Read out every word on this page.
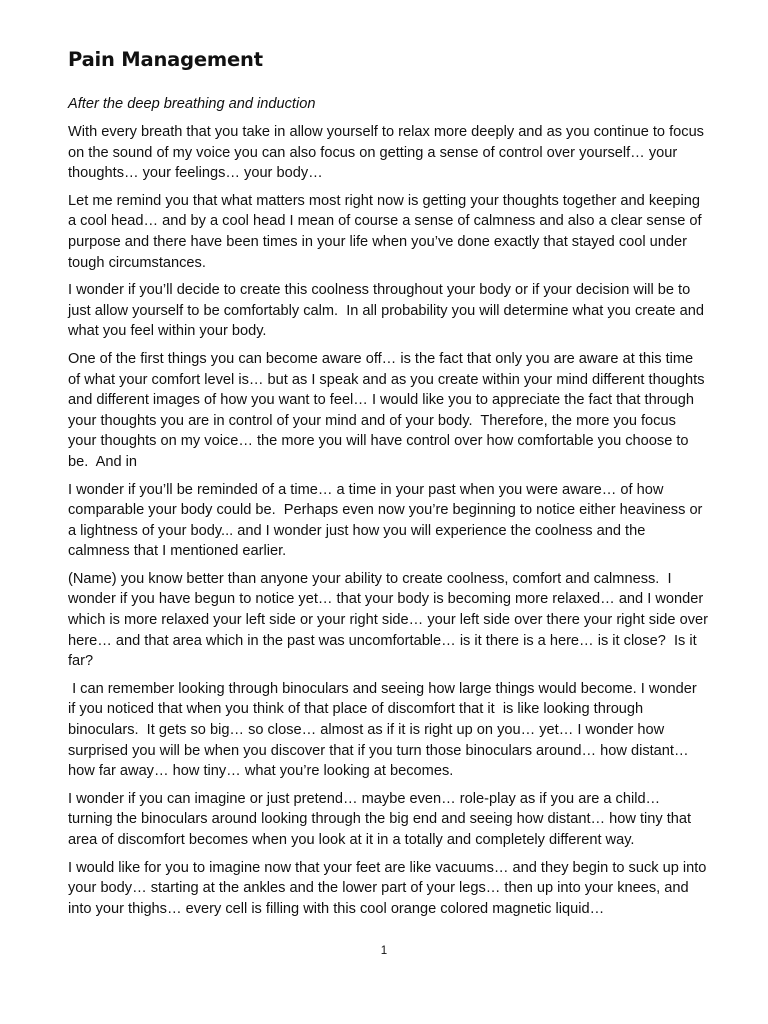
Pain Management
After the deep breathing and induction

With every breath that you take in allow yourself to relax more deeply and as you continue to focus on the sound of my voice you can also focus on getting a sense of control over yourself… your thoughts… your feelings… your body…

Let me remind you that what matters most right now is getting your thoughts together and keeping a cool head… and by a cool head I mean of course a sense of calmness and also a clear sense of purpose and there have been times in your life when you’ve done exactly that stayed cool under tough circumstances.

I wonder if you’ll decide to create this coolness throughout your body or if your decision will be to just allow yourself to be comfortably calm.  In all probability you will determine what you create and what you feel within your body.

One of the first things you can become aware off… is the fact that only you are aware at this time of what your comfort level is… but as I speak and as you create within your mind different thoughts and different images of how you want to feel… I would like you to appreciate the fact that through your thoughts you are in control of your mind and of your body.  Therefore, the more you focus your thoughts on my voice… the more you will have control over how comfortable you choose to be.  And in

I wonder if you’ll be reminded of a time… a time in your past when you were aware… of how comparable your body could be.  Perhaps even now you’re beginning to notice either heaviness or a lightness of your body... and I wonder just how you will experience the coolness and the calmness that I mentioned earlier.

(Name) you know better than anyone your ability to create coolness, comfort and calmness.  I wonder if you have begun to notice yet… that your body is becoming more relaxed… and I wonder which is more relaxed your left side or your right side… your left side over there your right side over here… and that area which in the past was uncomfortable… is it there is a here… is it close?  Is it far?

I can remember looking through binoculars and seeing how large things would become. I wonder if you noticed that when you think of that place of discomfort that it  is like looking through binoculars.  It gets so big… so close… almost as if it is right up on you… yet… I wonder how surprised you will be when you discover that if you turn those binoculars around… how distant… how far away… how tiny… what you’re looking at becomes.

I wonder if you can imagine or just pretend… maybe even… role-play as if you are a child… turning the binoculars around looking through the big end and seeing how distant… how tiny that area of discomfort becomes when you look at it in a totally and completely different way.

I would like for you to imagine now that your feet are like vacuums… and they begin to suck up into your body… starting at the ankles and the lower part of your legs… then up into your knees, and into your thighs… every cell is filling with this cool orange colored magnetic liquid…

1
